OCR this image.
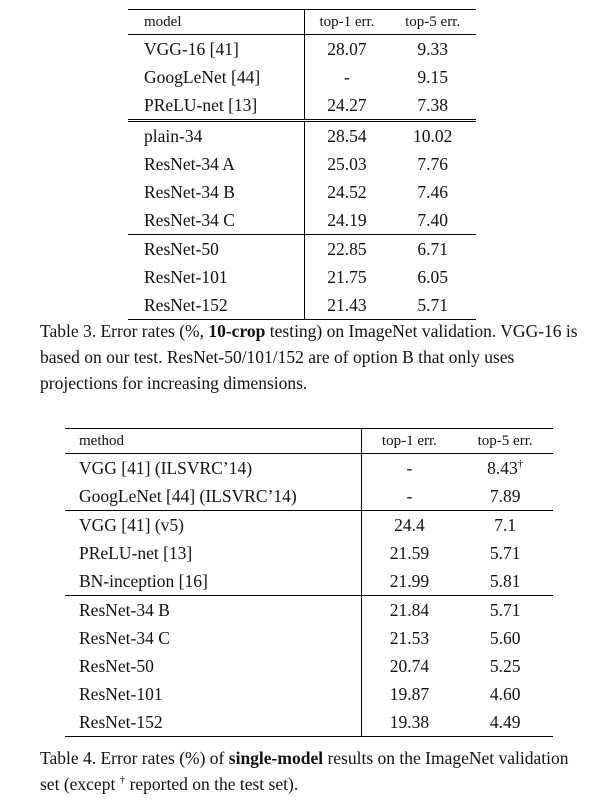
model	top-1 err.	top-5 err.
VGG-16 [41]	28.07	9.33
GoogLeNet [44]	-	9.15
PReLU-net [13]	24.27	7.38
plain-34	28.54	10.02
ResNet-34 A	25.03	7.76
ResNet-34 B	24.52	7.46
ResNet-34 C	24.19	7.40
ResNet-50	22.85	6.71
ResNet-101	21.75	6.05
ResNet-152	21.43	5.71

Table 3. Error rates (%, 10-crop testing) on ImageNet validation. VGG-16 is based on our test. ResNet-50/101/152 are of option B that only uses projections for increasing dimensions.

method	top-1 err.	top-5 err.
VGG [41] (ILSVRC’14)	-	8.43†
GoogLeNet [44] (ILSVRC’14)	-	7.89
VGG [41] (v5)	24.4	7.1
PReLU-net [13]	21.59	5.71
BN-inception [16]	21.99	5.81
ResNet-34 B	21.84	5.71
ResNet-34 C	21.53	5.60
ResNet-50	20.74	5.25
ResNet-101	19.87	4.60
ResNet-152	19.38	4.49

Table 4. Error rates (%) of single-model results on the ImageNet validation set (except † reported on the test set).
